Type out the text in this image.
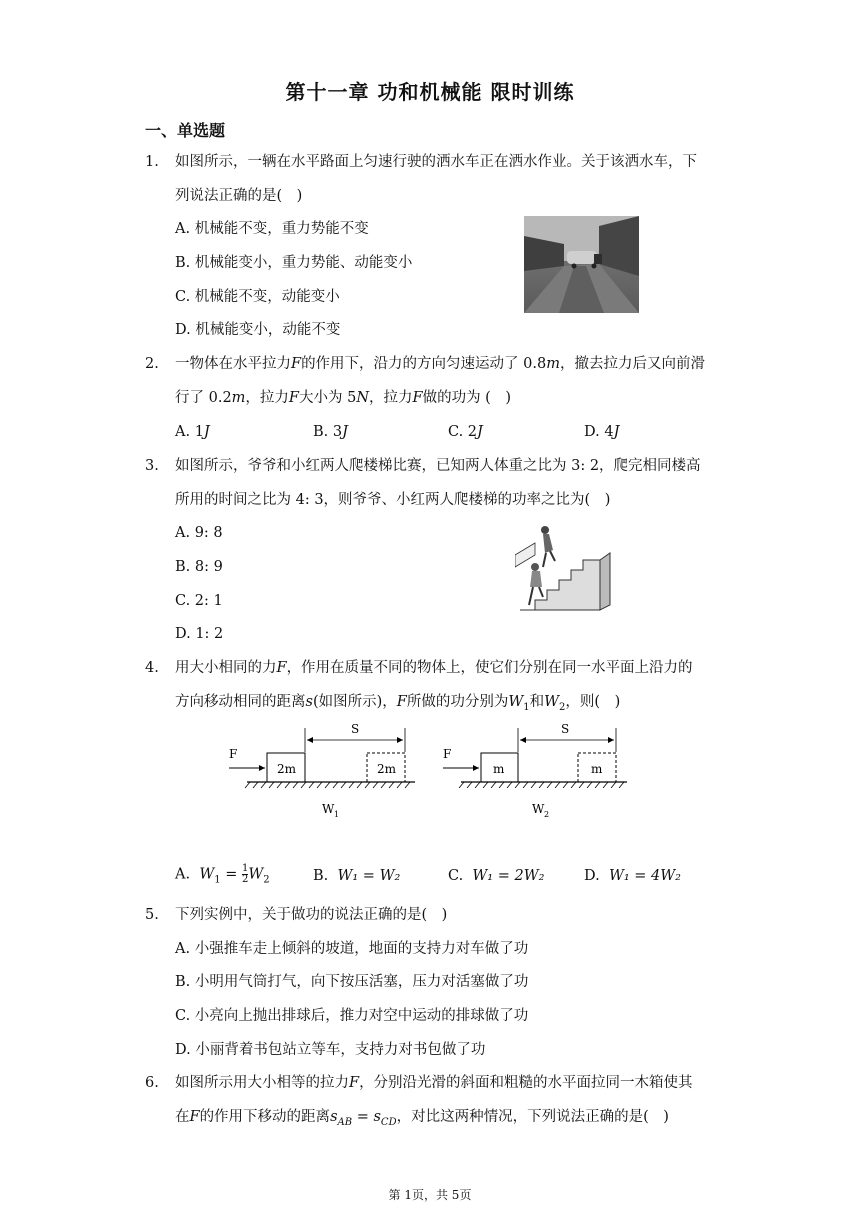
第十一章 功和机械能 限时训练
一、单选题
1. 如图所示，一辆在水平路面上匀速行驶的洒水车正在洒水作业。关于该洒水车，下
列说法正确的是(　)
A. 机械能不变，重力势能不变
B. 机械能变小，重力势能、动能变小
C. 机械能不变，动能变小
D. 机械能变小，动能不变
2. 一物体在水平拉力F的作用下，沿力的方向匀速运动了 0.8m，撤去拉力后又向前滑
行了 0.2m，拉力F大小为 5N，拉力F做的功为 (　)
A. 1J	B. 3J	C. 2J	D. 4J
3. 如图所示，爷爷和小红两人爬楼梯比赛，已知两人体重之比为 3: 2，爬完相同楼高
所用的时间之比为 4: 3，则爷爷、小红两人爬楼梯的功率之比为(　)
A. 9: 8
B. 8: 9
C. 2: 1
D. 1: 2
4. 用大小相同的力F，作用在质量不同的物体上，使它们分别在同一水平面上沿力的
方向移动相同的距离s(如图所示)，F所做的功分别为$W_1$和$W_2$，则(　)
F
2m	2m
S
W 1
F
m	m
S
W 2
A. $W_1 = \frac{1}{2} W_2$	B. W₁ = W₂	C. W₁ = 2W₂	D. W₁ = 4W₂
5. 下列实例中，关于做功的说法正确的是(　)
A. 小强推车走上倾斜的坡道，地面的支持力对车做了功
B. 小明用气筒打气，向下按压活塞，压力对活塞做了功
C. 小亮向上抛出排球后，推力对空中运动的排球做了功
D. 小丽背着书包站立等车，支持力对书包做了功
6. 如图所示用大小相等的拉力F，分别沿光滑的斜面和粗糙的水平面拉同一木箱使其
在F的作用下移动的距离$s_{AB} = s_{CD}$，对比这两种情况，下列说法正确的是(　)
第 1页，共 5页
